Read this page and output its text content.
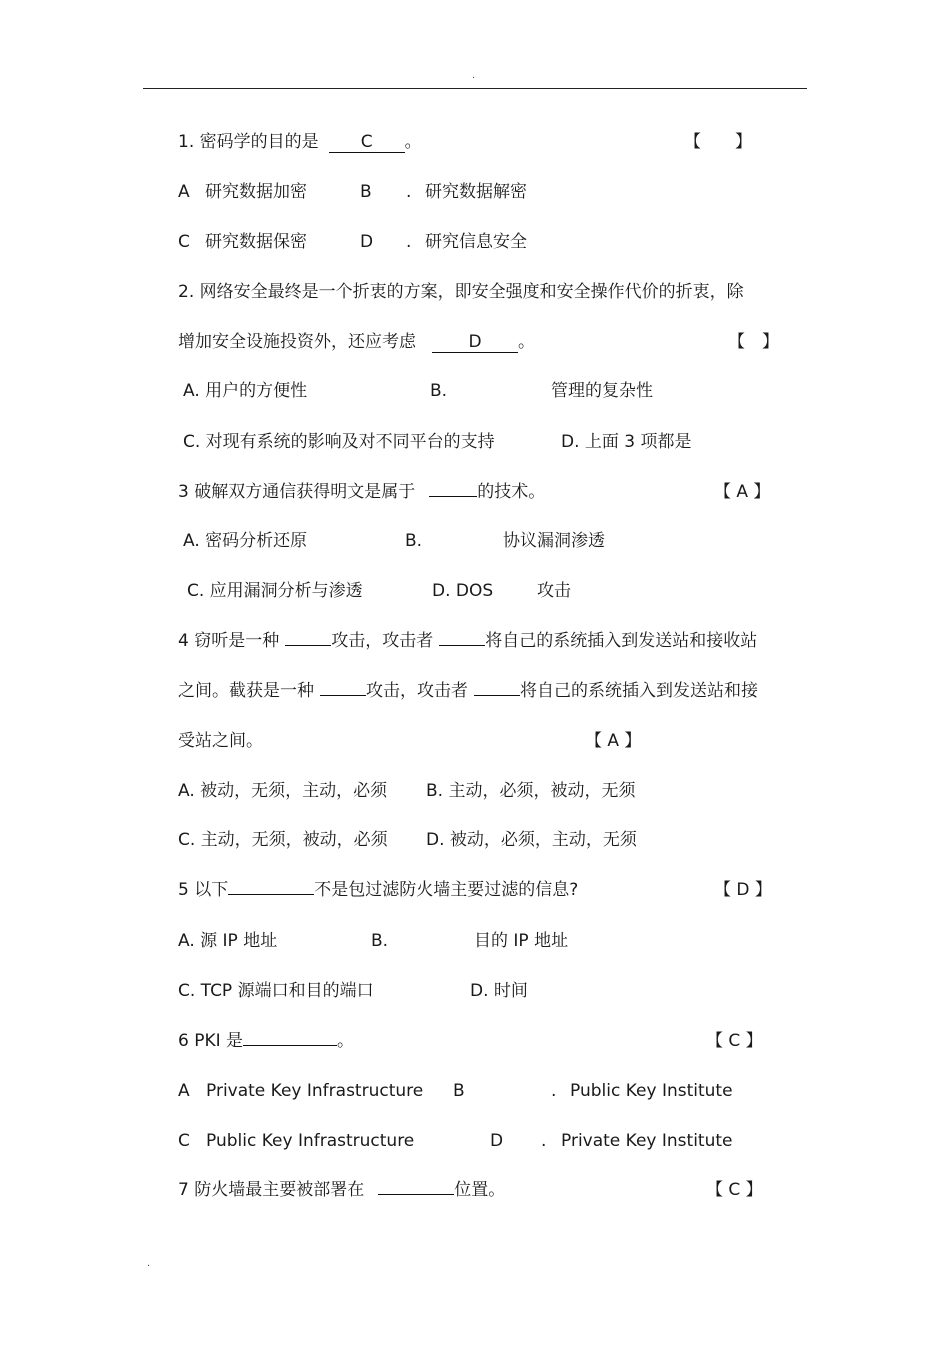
.
1. 密码学的目的是 C 。	【　　】
A 研究数据加密	B . 研究数据解密
C 研究数据保密	D . 研究信息安全
2. 网络安全最终是一个折衷的方案，即安全强度和安全操作代价的折衷，除
增加安全设施投资外，还应考虑	D 。	【　】
A. 用户的方便性	B.	管理的复杂性
C. 对现有系统的影响及对不同平台的支持	D. 上面 3 项都是
3 破解双方通信获得明文是属于	的技术。	【 A 】
A. 密码分析还原	B.	协议漏洞渗透
C. 应用漏洞分析与渗透	D. DOS	攻击
4 窃听是一种	攻击，攻击者	将自己的系统插入到发送站和接收站
之间。截获是一种	攻击，攻击者	将自己的系统插入到发送站和接
受站之间。	【 A 】
A. 被动，无须，主动，必须 B. 主动，必须，被动，无须
C. 主动，无须，被动，必须 D. 被动，必须，主动，无须
5 以下	不是包过滤防火墙主要过滤的信息?	【 D 】
A. 源 IP 地址	B.	目的 IP 地址
C. TCP 源端口和目的端口	D. 时间
6 PKI 是	。	【 C 】
A Private Key Infrastructure B	. Public Key Institute
C Public Key Infrastructure	D . Private Key Institute
7 防火墙最主要被部署在	位置。	【 C 】
.
